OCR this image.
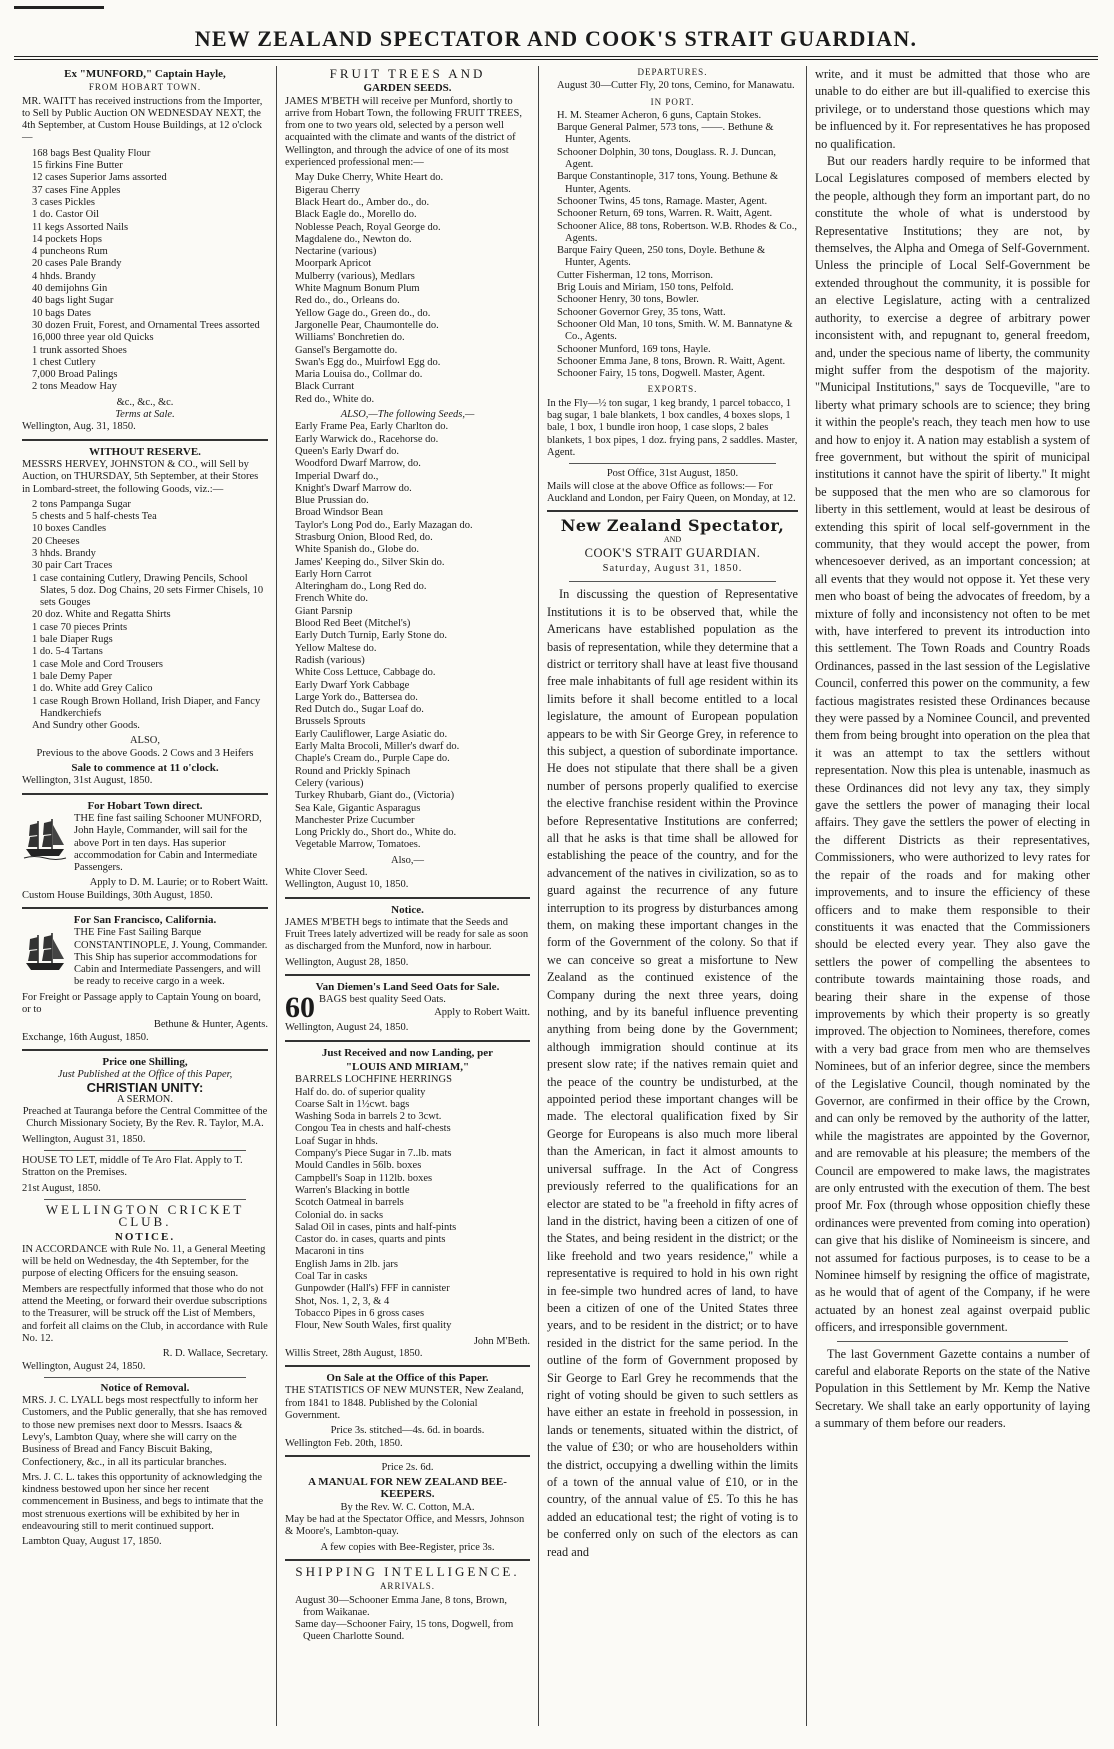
NEW ZEALAND SPECTATOR AND COOK'S STRAIT GUARDIAN.
Ex "MUNFORD," Captain Hayle,
FROM HOBART TOWN.

MR. WAITT has received instructions from the Importer, to Sell by Public Auction ON WEDNESDAY NEXT, the 4th September, at Custom House Buildings, at 12 o'clock—

168 bags Best Quality Flour
15 firkins Fine Butter
12 cases Superior Jams assorted
37 cases Fine Apples
3 cases Pickles
1 do. Castor Oil
11 kegs Assorted Nails
14 pockets Hops
4 puncheons Rum
20 cases Pale Brandy
4 hhds. Brandy
40 demijohns Gin
40 bags light Sugar
10 bags Dates
30 dozen Fruit, Forest, and Ornamental Trees assorted
16,000 three year old Quicks
1 trunk assorted Shoes
1 chest Cutlery
7,000 Broad Palings
2 tons Meadow Hay
&c., &c., &c.
Terms at Sale.
Wellington, Aug. 31, 1850.
WITHOUT RESERVE.

MESSRS HERVEY, JOHNSTON & CO., will Sell by Auction, on THURSDAY, 5th September, at their Stores in Lombard-street, the following Goods, viz.:—

2 tons Pampanga Sugar
5 chests and 5 half-chests Tea
10 boxes Candles
20 Cheeses
3 hhds. Brandy
30 pair Cart Traces
1 case containing Cutlery, Drawing Pencils, School Slates, 5 doz. Dog Chains, 20 sets Firmer Chisels, 10 sets Gouges
20 doz. White and Regatta Shirts
1 case 70 pieces Prints
1 bale Diaper Rugs
1 do. 5-4 Tartans
1 case Mole and Cord Trousers
1 bale Demy Paper
1 do. White add Grey Calico
1 case Rough Brown Holland, Irish Diaper, and Fancy Handkerchiefs
And Sundry other Goods.
ALSO,
Previous to the above Goods. 2 Cows and 3 Heifers
Sale to commence at 11 o'clock.
Wellington, 31st August, 1850.
For Hobart Town direct.

THE fine fast sailing Schooner MUNFORD, John Hayle, Commander, will sail for the above Port in ten days. Has superior accommodation for Cabin and Intermediate Passengers.

Apply to D. M. Laurie; or to Robert Waitt.
Custom House Buildings, 30th August, 1850.
For San Francisco, California.

THE Fine Fast Sailing Barque CONSTANTINOPLE, J. Young, Commander. This Ship has superior accommodations for Cabin and Intermediate Passengers, and will be ready to receive cargo in a week.

For Freight or Passage apply to Captain Young on board, or to

Bethune & Hunter, Agents.
Exchange, 16th August, 1850.
Price one Shilling,
Just Published at the Office of this Paper,
CHRISTIAN UNITY:
A SERMON.

Preached at Tauranga before the Central Committee of the Church Missionary Society, By the Rev. R. Taylor, M.A.

Wellington, August 31, 1850.

HOUSE TO LET, middle of Te Aro Flat. Apply to T. Stratton on the Premises.

21st August, 1850.
WELLINGTON CRICKET CLUB.
NOTICE.

IN ACCORDANCE with Rule No. 11, a General Meeting will be held on Wednesday, the 4th September, for the purpose of electing Officers for the ensuing season.

Members are respectfully informed that those who do not attend the Meeting, or forward their overdue subscriptions to the Treasurer, will be struck off the List of Members, and forfeit all claims on the Club, in accordance with Rule No. 12.

R. D. Wallace, Secretary.
Wellington, August 24, 1850.
Notice of Removal.

MRS. J. C. LYALL begs most respectfully to inform her Customers, and the Public generally, that she has removed to those new premises next door to Messrs. Isaacs & Levy's, Lambton Quay, where she will carry on the Business of Bread and Fancy Biscuit Baking, Confectionery, &c., in all its particular branches.

Mrs. J. C. L. takes this opportunity of acknowledging the kindness bestowed upon her since her recent commencement in Business, and begs to intimate that the most strenuous exertions will be exhibited by her in endeavouring still to merit continued support.

Lambton Quay, August 17, 1850.
FRUIT TREES AND
GARDEN SEEDS.

JAMES M'BETH will receive per Munford, shortly to arrive from Hobart Town, the following FRUIT TREES, from one to two years old, selected by a person well acquainted with the climate and wants of the district of Wellington, and through the advice of one of its most experienced professional men:—

May Duke Cherry, White Heart do.
Bigerau Cherry
Black Heart do., Amber do., do.
Black Eagle do., Morello do.
Noblesse Peach, Royal George do.
Magdalene do., Newton do.
Nectarine (various)
Moorpark Apricot
Mulberry (various), Medlars
White Magnum Bonum Plum
Red do., do., Orleans do.
Yellow Gage do., Green do., do.
Jargonelle Pear, Chaumontelle do.
Williams' Bonchretien do.
Gansel's Bergamotte do.
Swan's Egg do., Muirfowl Egg do.
Maria Louisa do., Collmar do.
Black Currant
Red do., White do.
ALSO,—The following Seeds,—
Early Frame Pea, Early Charlton do.
Early Warwick do., Racehorse do.
Queen's Early Dwarf do.
Woodford Dwarf Marrow, do.
Imperial Dwarf do.,
Knight's Dwarf Marrow do.
Blue Prussian do.
Broad Windsor Bean
Taylor's Long Pod do., Early Mazagan do.
Strasburg Onion, Blood Red, do.
White Spanish do., Globe do.
James' Keeping do., Silver Skin do.
Early Horn Carrot
Alteringham do., Long Red do.
French White do.
Giant Parsnip
Blood Red Beet (Mitchel's)
Early Dutch Turnip, Early Stone do.
Yellow Maltese do.
Radish (various)
White Coss Lettuce, Cabbage do.
Early Dwarf York Cabbage
Large York do., Battersea do.
Red Dutch do., Sugar Loaf do.
Brussels Sprouts
Early Cauliflower, Large Asiatic do.
Early Malta Brocoli, Miller's dwarf do.
Chaple's Cream do., Purple Cape do.
Round and Prickly Spinach
Celery (various)
Turkey Rhubarb, Giant do., (Victoria)
Sea Kale, Gigantic Asparagus
Manchester Prize Cucumber
Long Prickly do., Short do., White do.
Vegetable Marrow, Tomatoes.
Also,—
White Clover Seed.
Wellington, August 10, 1850.
Notice.

JAMES M'BETH begs to intimate that the Seeds and Fruit Trees lately advertized will be ready for sale as soon as discharged from the Munford, now in harbour.

Wellington, August 28, 1850.
Van Diemen's Land Seed Oats for Sale.
60 BAGS best quality Seed Oats.
Apply to Robert Waitt.
Wellington, August 24, 1850.
Just Received and now Landing, per
"LOUIS AND MIRIAM,"
BARRELS LOCHFINE HERRINGS
Half do. do. of superior quality
Coarse Salt in 1½cwt. bags
Washing Soda in barrels 2 to 3cwt.
Congou Tea in chests and half-chests
Loaf Sugar in hhds.
Company's Piece Sugar in 7..lb. mats
Mould Candles in 56lb. boxes
Campbell's Soap in 112lb. boxes
Warren's Blacking in bottle
Scotch Oatmeal in barrels
Colonial do. in sacks
Salad Oil in cases, pints and half-pints
Castor do. in cases, quarts and pints
Macaroni in tins
English Jams in 2lb. jars
Coal Tar in casks
Gunpowder (Hall's) FFF in cannister
Shot, Nos. 1, 2, 3, & 4
Tobacco Pipes in 6 gross cases
Flour, New South Wales, first quality
John M'Beth.
Willis Street, 28th August, 1850.
On Sale at the Office of this Paper.

THE STATISTICS OF NEW MUNSTER, New Zealand, from 1841 to 1848. Published by the Colonial Government.

Price 3s. stitched—4s. 6d. in boards.
Wellington Feb. 20th, 1850.
Price 2s. 6d.
A MANUAL FOR NEW ZEALAND BEE-KEEPERS.
By the Rev. W. C. Cotton, M.A.

May be had at the Spectator Office, and Messrs, Johnson & Moore's, Lambton-quay.

A few copies with Bee-Register, price 3s.
SHIPPING INTELLIGENCE.
ARRIVALS.
August 30—Schooner Emma Jane, 8 tons, Brown, from Waikanae.
Same day—Schooner Fairy, 15 tons, Dogwell, from Queen Charlotte Sound.
DEPARTURES.
August 30—Cutter Fly, 20 tons, Cemino, for Manawatu.
IN PORT.
H. M. Steamer Acheron, 6 guns, Captain Stokes.
Barque General Palmer, 573 tons, ——. Bethune & Hunter, Agents.
Schooner Dolphin, 30 tons, Douglass. R. J. Duncan, Agent.
Barque Constantinople, 317 tons, Young. Bethune & Hunter, Agents.
Schooner Twins, 45 tons, Ramage. Master, Agent.
Schooner Return, 69 tons, Warren. R. Waitt, Agent.
Schooner Alice, 88 tons, Robertson. W.B. Rhodes & Co., Agents.
Barque Fairy Queen, 250 tons, Doyle. Bethune & Hunter, Agents.
Cutter Fisherman, 12 tons, Morrison.
Brig Louis and Miriam, 150 tons, Pelfold.
Schooner Henry, 30 tons, Bowler.
Schooner Governor Grey, 35 tons, Watt.
Schooner Old Man, 10 tons, Smith. W. M. Bannatyne & Co., Agents.
Schooner Munford, 169 tons, Hayle.
Schooner Emma Jane, 8 tons, Brown. R. Waitt, Agent.
Schooner Fairy, 15 tons, Dogwell. Master, Agent.
EXPORTS.

In the Fly—½ ton sugar, 1 keg brandy, 1 parcel tobacco, 1 bag sugar, 1 bale blankets, 1 box candles, 4 boxes slops, 1 bale, 1 box, 1 bundle iron hoop, 1 case slops, 2 bales blankets, 1 box pipes, 1 doz. frying pans, 2 saddles. Master, Agent.

Post Office, 31st August, 1850.

Mails will close at the above Office as follows:— For Auckland and London, per Fairy Queen, on Monday, at 12.

New Zealand Spectator,
AND
COOK'S STRAIT GUARDIAN.
Saturday, August 31, 1850.

In discussing the question of Representative Institutions it is to be observed that, while the Americans have established population as the basis of representation, while they determine that a district or territory shall have at least five thousand free male inhabitants of full age resident within its limits before it shall become entitled to a local legislature, the amount of European population appears to be with Sir George Grey, in reference to this subject, a question of subordinate importance. He does not stipulate that there shall be a given number of persons properly qualified to exercise the elective franchise resident within the Province before Representative Institutions are conferred; all that he asks is that time shall be allowed for establishing the peace of the country, and for the advancement of the natives in civilization, so as to guard against the recurrence of any future interruption to its progress by disturbances among them, on making these important changes in the form of the Government of the colony. So that if we can conceive so great a misfortune to New Zealand as the continued existence of the Company during the next three years, doing nothing, and by its baneful influence preventing anything from being done by the Government; although immigration should continue at its present slow rate; if the natives remain quiet and the peace of the country be undisturbed, at the appointed period these important changes will be made. The electoral qualification fixed by Sir George for Europeans is also much more liberal than the American, in fact it almost amounts to universal suffrage. In the Act of Congress previously referred to the qualifications for an elector are stated to be "a freehold in fifty acres of land in the district, having been a citizen of one of the States, and being resident in the district; or the like freehold and two years residence," while a representative is required to hold in his own right in fee-simple two hundred acres of land, to have been a citizen of one of the United States three years, and to be resident in the district; or to have resided in the district for the same period. In the outline of the form of Government proposed by Sir George to Earl Grey he recommends that the right of voting should be given to such settlers as have either an estate in freehold in possession, in lands or tenements, situated within the district, of the value of £30; or who are householders within the district, occupying a dwelling within the limits of a town of the annual value of £10, or in the country, of the annual value of £5. To this he has added an educational test; the right of voting is to be conferred only on such of the electors as can read and

write, and it must be admitted that those who are unable to do either are but ill-qualified to exercise this privilege, or to understand those questions which may be influenced by it. For representatives he has proposed no qualification.

But our readers hardly require to be informed that Local Legislatures composed of members elected by the people, although they form an important part, do no constitute the whole of what is understood by Representative Institutions; they are not, by themselves, the Alpha and Omega of Self-Government. Unless the principle of Local Self-Government be extended throughout the community, it is possible for an elective Legislature, acting with a centralized authority, to exercise a degree of arbitrary power inconsistent with, and repugnant to, general freedom, and, under the specious name of liberty, the community might suffer from the despotism of the majority. "Municipal Institutions," says de Tocqueville, "are to liberty what primary schools are to science; they bring it within the people's reach, they teach men how to use and how to enjoy it. A nation may establish a system of free government, but without the spirit of municipal institutions it cannot have the spirit of liberty." It might be supposed that the men who are so clamorous for liberty in this settlement, would at least be desirous of extending this spirit of local self-government in the community, that they would accept the power, from whencesoever derived, as an important concession; at all events that they would not oppose it. Yet these very men who boast of being the advocates of freedom, by a mixture of folly and inconsistency not often to be met with, have interfered to prevent its introduction into this settlement. The Town Roads and Country Roads Ordinances, passed in the last session of the Legislative Council, conferred this power on the community, a few factious magistrates resisted these Ordinances because they were passed by a Nominee Council, and prevented them from being brought into operation on the plea that it was an attempt to tax the settlers without representation. Now this plea is untenable, inasmuch as these Ordinances did not levy any tax, they simply gave the settlers the power of managing their local affairs. They gave the settlers the power of electing in the different Districts as their representatives, Commissioners, who were authorized to levy rates for the repair of the roads and for making other improvements, and to insure the efficiency of these officers and to make them responsible to their constituents it was enacted that the Commissioners should be elected every year. They also gave the settlers the power of compelling the absentees to contribute towards maintaining those roads, and bearing their share in the expense of those improvements by which their property is so greatly improved. The objection to Nominees, therefore, comes with a very bad grace from men who are themselves Nominees, but of an inferior degree, since the members of the Legislative Council, though nominated by the Governor, are confirmed in their office by the Crown, and can only be removed by the authority of the latter, while the magistrates are appointed by the Governor, and are removable at his pleasure; the members of the Council are empowered to make laws, the magistrates are only entrusted with the execution of them. The best proof Mr. Fox (through whose opposition chiefly these ordinances were prevented from coming into operation) can give that his dislike of Nomineeism is sincere, and not assumed for factious purposes, is to cease to be a Nominee himself by resigning the office of magistrate, as he would that of agent of the Company, if he were actuated by an honest zeal against overpaid public officers, and irresponsible government.

The last Government Gazette contains a number of careful and elaborate Reports on the state of the Native Population in this Settlement by Mr. Kemp the Native Secretary. We shall take an early opportunity of laying a summary of them before our readers.
